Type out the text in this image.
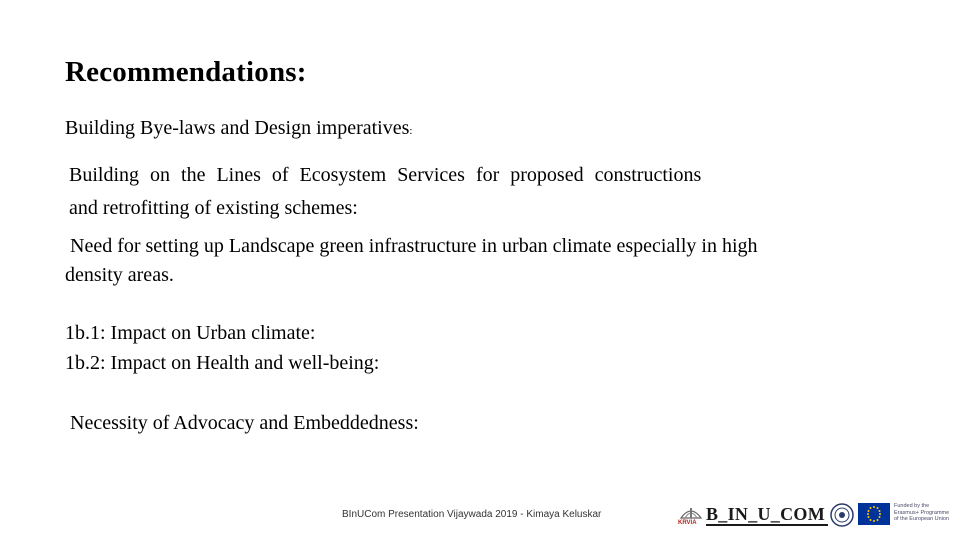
Recommendations:
Building Bye-laws and Design imperatives:
Building on the Lines of Ecosystem Services for proposed constructions
and retrofitting of existing schemes:
Need for setting up Landscape green infrastructure in urban climate especially in high
density areas.
1b.1: Impact on Urban climate:
1b.2: Impact on Health and well-being:
Necessity of Advocacy and Embeddedness:
BInUCom Presentation Vijaywada 2019 - Kimaya Keluskar
KRVIA B_IN_U_COM	Funded by the
Erasmus+ Programme
of the European Union
